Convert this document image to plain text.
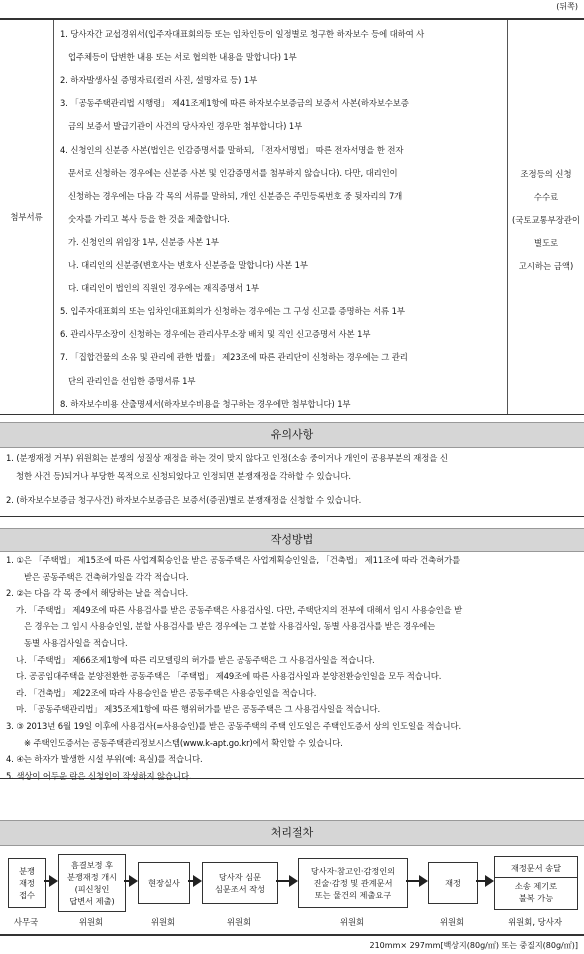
(뒤쪽)
첨부서류
1. 당사자간 교섭경위서(입주자대표회의등 또는 임차인등이 일정별로 청구한 하자보수 등에 대하여 사
업주체등이 답변한 내용 또는 서로 협의한 내용을 말합니다) 1부
2. 하자발생사실 증명자료(컬러 사진, 설명자료 등) 1부
3. 「공동주택관리법 시행령」 제41조제1항에 따른 하자보수보증금의 보증서 사본(하자보수보증
금의 보증서 발급기관이 사건의 당사자인 경우만 첨부합니다) 1부
4. 신청인의 신분증 사본(법인은 인감증명서를 말하되, 「전자서명법」 따른 전자서명을 한 전자
문서로 신청하는 경우에는 신분증 사본 및 인감증명서를 첨부하지 않습니다). 다만, 대리인이
신청하는 경우에는 다음 각 목의 서류를 말하되, 개인 신분증은 주민등록번호 중 뒷자리의 7개
숫자를 가리고 복사 등을 한 것을 제출합니다.
가. 신청인의 위임장 1부, 신분증 사본 1부
나. 대리인의 신분증(변호사는 변호사 신분증을 말합니다) 사본 1부
다. 대리인이 법인의 직원인 경우에는 재직증명서 1부
5. 입주자대표회의 또는 임차인대표회의가 신청하는 경우에는 그 구성 신고를 증명하는 서류 1부
6. 관리사무소장이 신청하는 경우에는 관리사무소장 배치 및 직인 신고증명서 사본 1부
7. 「집합건물의 소유 및 관리에 관한 법률」 제23조에 따른 관리단이 신청하는 경우에는 그 관리
단의 관리인을 선임한 증명서류 1부
8. 하자보수비용 산출명세서(하자보수비용을 청구하는 경우에만 첨부합니다) 1부
조정등의 신청
수수료
(국토교통부장관이
별도로
고시하는 금액)
유의사항
1. (분쟁재정 거부) 위원회는 분쟁의 성질상 재정을 하는 것이 맞지 않다고 인정(소송 중이거나 개인이 공용부분의 재정을 신
청한 사건 등)되거나 부당한 목적으로 신청되었다고 인정되면 분쟁재정을 각하할 수 있습니다.
2. (하자보수보증금 청구사건) 하자보수보증금은 보증서(증권)별로 분쟁재정을 신청할 수 있습니다.
작성방법
1. ①은 「주택법」 제15조에 따른 사업계획승인을 받은 공동주택은 사업계획승인일을, 「건축법」 제11조에 따라 건축허가를
받은 공동주택은 건축허가일을 각각 적습니다.
2. ②는 다음 각 목 중에서 해당하는 날을 적습니다.
가. 「주택법」 제49조에 따른 사용검사를 받은 공동주택은 사용검사일. 다만, 주택단지의 전부에 대해서 임시 사용승인을 받
은 경우는 그 임시 사용승인일, 분할 사용검사를 받은 경우에는 그 분할 사용검사일, 동별 사용검사를 받은 경우에는
동별 사용검사일을 적습니다.
나. 「주택법」 제66조제1항에 따른 리모델링의 허가를 받은 공동주택은 그 사용검사일을 적습니다.
다. 공공임대주택을 분양전환한 공동주택은 「주택법」 제49조에 따른 사용검사일과 분양전환승인일을 모두 적습니다.
라. 「건축법」 제22조에 따라 사용승인을 받은 공동주택은 사용승인일을 적습니다.
마. 「공동주택관리법」 제35조제1항에 따른 행위허가를 받은 공동주택은 그 사용검사일을 적습니다.
3. ③ 2013년 6월 19일 이후에 사용검사(=사용승인)를 받은 공동주택의 주택 인도일은 주택인도증서 상의 인도일을 적습니다.
※ 주택인도증서는 공동주택관리정보시스템(www.k-apt.go.kr)에서 확인할 수 있습니다.
4. ④는 하자가 발생한 시설 부위(예: 욕실)를 적습니다.
5. 색상이 어두운 란은 신청인이 작성하지 않습니다.
처리절차
분쟁
재정
접수
사무국
흠결보정 후
분쟁재정 개시
(피신청인
답변서 제출)
위원회
현장실사
위원회
당사자 심문
심문조서 작성
위원회
당사자·참고인·감정인의
진술·감정 및 관계문서
또는 물건의 제출요구
위원회
재정
위원회
재정문서 송달
소송 제기로
불복 가능
위원회, 당사자
210mm× 297mm[백상지(80g/㎡) 또는 중질지(80g/㎡)]
